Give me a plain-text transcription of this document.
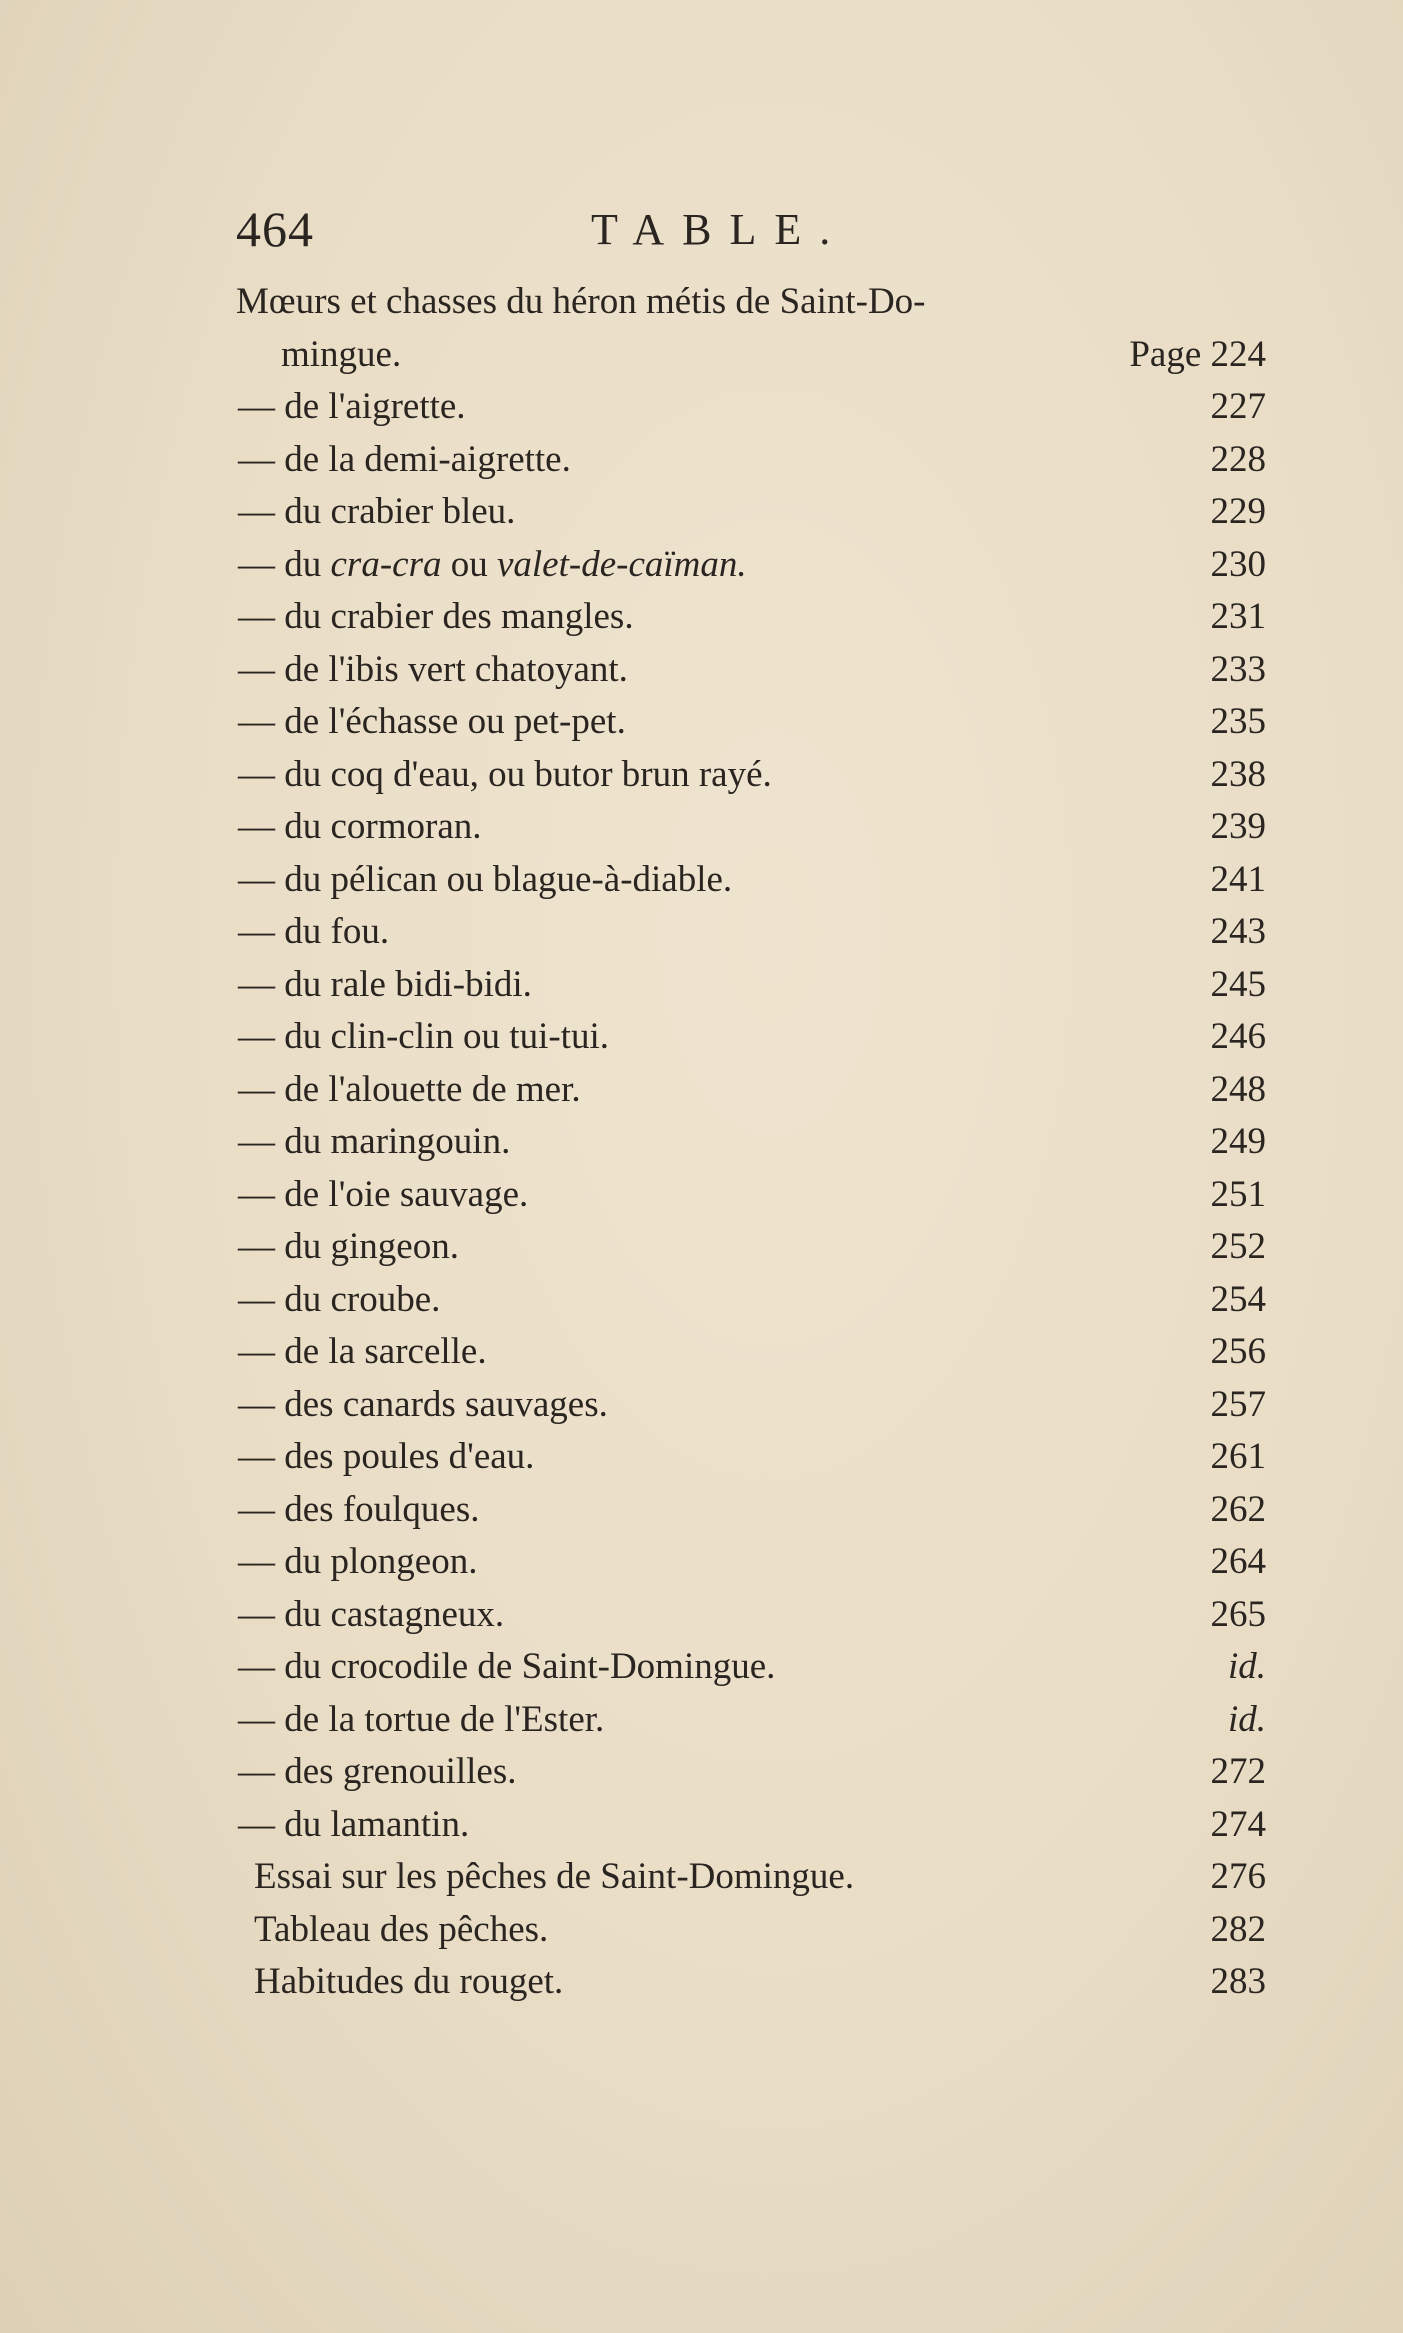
464	TABLE.
Mœurs et chasses du héron métis de Saint-Do-
mingue.	Page 224
— de l'aigrette.	227
— de la demi-aigrette.	228
— du crabier bleu.	229
— du cra-cra ou valet-de-caïman.	230
— du crabier des mangles.	231
— de l'ibis vert chatoyant.	233
— de l'échasse ou pet-pet.	235
— du coq d'eau, ou butor brun rayé.	238
— du cormoran.	239
— du pélican ou blague-à-diable.	241
— du fou.	243
— du rale bidi-bidi.	245
— du clin-clin ou tui-tui.	246
— de l'alouette de mer.	248
— du maringouin.	249
— de l'oie sauvage.	251
— du gingeon.	252
— du croube.	254
— de la sarcelle.	256
— des canards sauvages.	257
— des poules d'eau.	261
— des foulques.	262
— du plongeon.	264
— du castagneux.	265
— du crocodile de Saint-Domingue.	id.
— de la tortue de l'Ester.	id.
— des grenouilles.	272
— du lamantin.	274
Essai sur les pêches de Saint-Domingue.	276
Tableau des pêches.	282
Habitudes du rouget.	283
